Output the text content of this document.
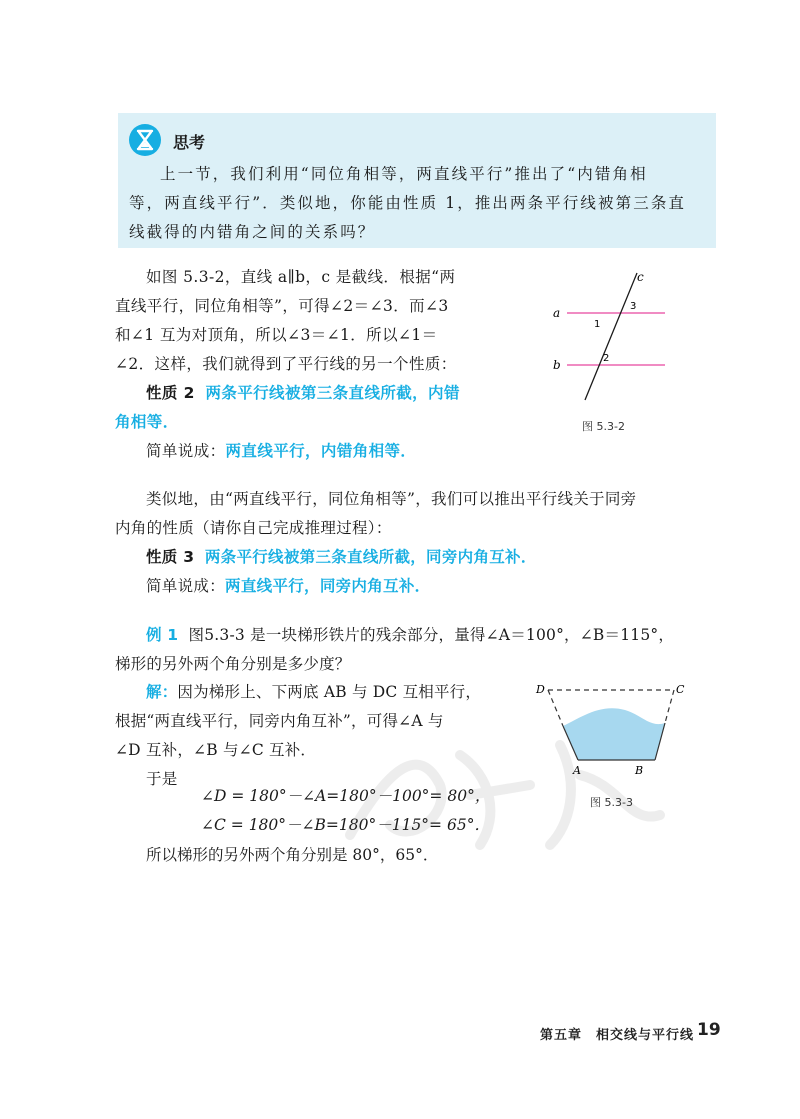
思考
上一节，我们利用“同位角相等，两直线平行”推出了“内错角相
等，两直线平行”．类似地，你能由性质 1，推出两条平行线被第三条直
线截得的内错角之间的关系吗？
如图 5.3-2，直线 a∥b，c 是截线．根据“两
直线平行，同位角相等”，可得∠2＝∠3．而∠3
和∠1 互为对顶角，所以∠3＝∠1．所以∠1＝
∠2．这样，我们就得到了平行线的另一个性质：
性质 2 两条平行线被第三条直线所截，内错
角相等．
简单说成：两直线平行，内错角相等．
a
b
c
3
1
2
图 5.3-2
类似地，由“两直线平行，同位角相等”，我们可以推出平行线关于同旁
内角的性质（请你自己完成推理过程）：
性质 3 两条平行线被第三条直线所截，同旁内角互补．
简单说成：两直线平行，同旁内角互补．
例 1 图5.3-3 是一块梯形铁片的残余部分，量得∠A＝100°，∠B＝115°，
梯形的另外两个角分别是多少度？
解：因为梯形上、下两底 AB 与 DC 互相平行，
根据“两直线平行，同旁内角互补”，可得∠A 与
∠D 互补，∠B 与∠C 互补．
于是
∠D = 180°－∠A=180°－100°= 80°，
∠C = 180°－∠B=180°－115°= 65°．
所以梯形的另外两个角分别是 80°，65°．
D	C
A	B
图 5.3-3
第五章　相交线与平行线 19
